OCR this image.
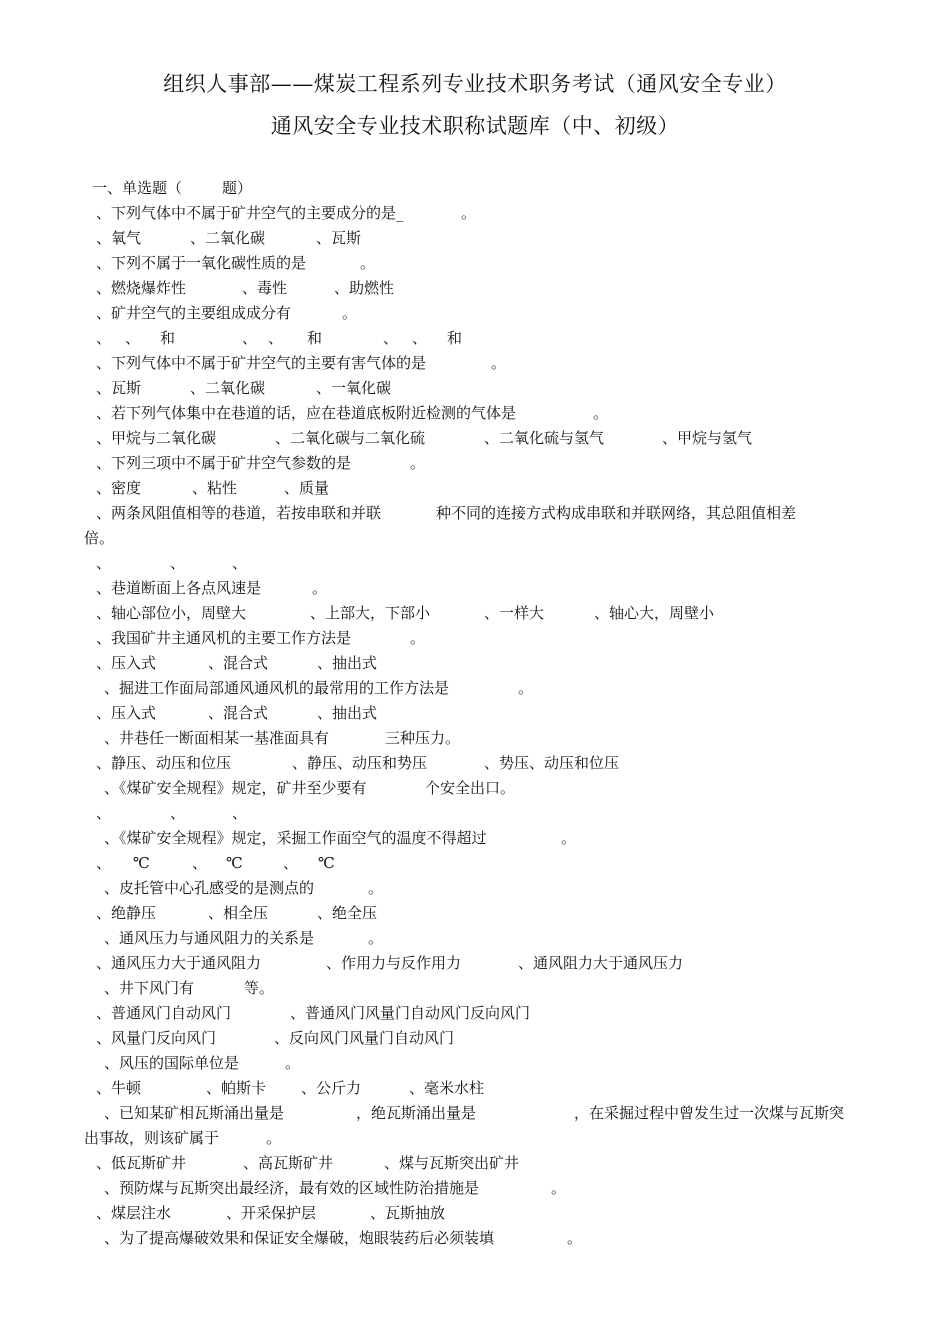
组织人事部——煤炭工程系列专业技术职务考试（通风安全专业）
通风安全专业技术职称试题库（中、初级）
一、单选题（	题）
、下列气体中不属于矿井空气的主要成分的是_	。
、氧气	、二氧化碳	、瓦斯
、下列不属于一氧化碳性质的是	。
、燃烧爆炸性	、毒性	、助燃性
、矿井空气的主要组成成分有	。
、 、 和	、 、 和	、 、 和
、下列气体中不属于矿井空气的主要有害气体的是	。
、瓦斯	、二氧化碳	、一氧化碳
、若下列气体集中在巷道的话，应在巷道底板附近检测的气体是	。
、甲烷与二氧化碳	、二氧化碳与二氧化硫	、二氧化硫与氢气	、甲烷与氢气
、下列三项中不属于矿井空气参数的是	。
、密度	、粘性	、质量
、两条风阻值相等的巷道，若按串联和并联	种不同的连接方式构成串联和并联网络，其总阻值相差
倍。
、	、	、
、巷道断面上各点风速是	。
、轴心部位小，周壁大	、上部大，下部小	、一样大	、轴心大，周壁小
、我国矿井主通风机的主要工作方法是	。
、压入式	、混合式	、抽出式
、掘进工作面局部通风通风机的最常用的工作方法是	。
、压入式	、混合式	、抽出式
、井巷任一断面相某一基准面具有	三种压力。
、静压、动压和位压	、静压、动压和势压	、势压、动压和位压
、《煤矿安全规程》规定，矿井至少要有	个安全出口。
、	、	、
、《煤矿安全规程》规定，采掘工作面空气的温度不得超过	。
、 ℃	、 ℃	、 ℃
、皮托管中心孔感受的是测点的	。
、绝静压	、相全压	、绝全压
、通风压力与通风阻力的关系是	。
、通风压力大于通风阻力	、作用力与反作用力	、通风阻力大于通风压力
、井下风门有	等。
、普通风门自动风门	、普通风门风量门自动风门反向风门
、风量门反向风门	、反向风门风量门自动风门
、风压的国际单位是	。
、牛顿	、帕斯卡 、公斤力	、毫米水柱
、已知某矿相瓦斯涌出量是	，绝瓦斯涌出量是	，在采掘过程中曾发生过一次煤与瓦斯突
出事故，则该矿属于	。
、低瓦斯矿井	、高瓦斯矿井	、煤与瓦斯突出矿井
、预防煤与瓦斯突出最经济，最有效的区域性防治措施是	。
、煤层注水	、开采保护层	、瓦斯抽放
、为了提高爆破效果和保证安全爆破，炮眼装药后必须装填	。
